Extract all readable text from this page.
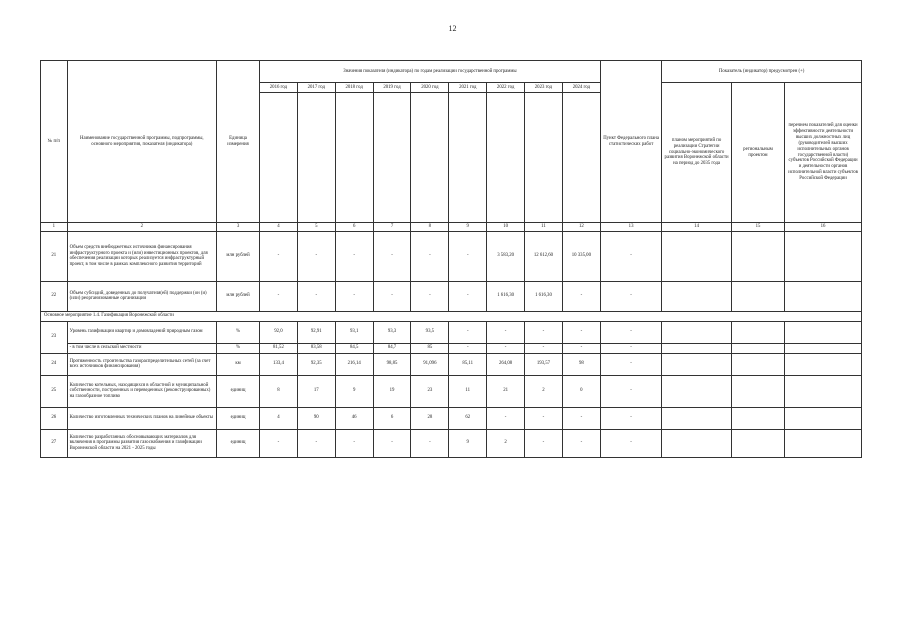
12
№ п/п	Наименование государственной программы, подпрограммы, основного мероприятия, показателя (индикатора)	Единица измерения	Значения показателя (индикатора) по годам реализации государственной программы									Пункт Федерального плана статистических работ	Показатель (индикатор) предусмотрен (+)		
			2016 год	2017 год	2018 год	2019 год	2020 год	2021 год	2022 год	2023 год	2024 год		планом мероприятий по реализации Стратегии социально-экономического развития Воронежской области на период до 2035 года	региональным проектом	перечнем показателей для оценки эффективности деятельности высших должностных лиц (руководителей высших исполнительных органов государственной власти) субъектов Российской Федерации и деятельности органов исполнительной власти субъектов Российской Федерации

1	2	3	4	5	6	7	8	9	10	11	12	13	14	15	16
21	Объем средств внебюджетных источников финансирования инфраструктурного проекта и (или) инвестиционных проектов, для обеспечения реализации которых реализуется инфраструктурный проект, в том числе в рамках комплексного развития территорий	млн рублей	-	-	-	-	-	-	3 583,20	12 612,60	10 335,00	-			
22	Объем субсидий, доведенных до получателя(ей) поддержки (он (и) (или) реорганизованные организации	млн рублей	-	-	-	-	-	-	1 616,30	1 616,30	-	-			
Основное мероприятие 1.4. Газификация Воронежской области															
23	Уровень газификации квартир и домовладений природным газом	%	92,0	92,91	93,1	93,3	93,5	-	-	-	-	-			
	- в том числе в сельской местности	%	81,52	83,58	84,5	84,7	85	-	-	-	-	-			
24	Протяженность строительства газораспределительных сетей (за счет всех источников финансирования)	км	133,4	92,35	216,14	98,85	91,096	85,11	264,08	193,57	98	-			
25	Количество котельных, находящихся в областной и муниципальной собственности, построенных и переведенных (реконструированных) на газообразное топливо	единиц	8	17	9	19	23	11	21	2	0	-			
26	Количество изготовленных технических планов на линейные объекты	единиц	4	90	46	6	28	62	-	-	-	-			
27	Количество разработанных обосновывающих материалов для включения в программы развития газоснабжения и газификации Воронежской области на 2021 - 2025 годы	единиц	-	-	-	-	-	9	2	-	-	-			
